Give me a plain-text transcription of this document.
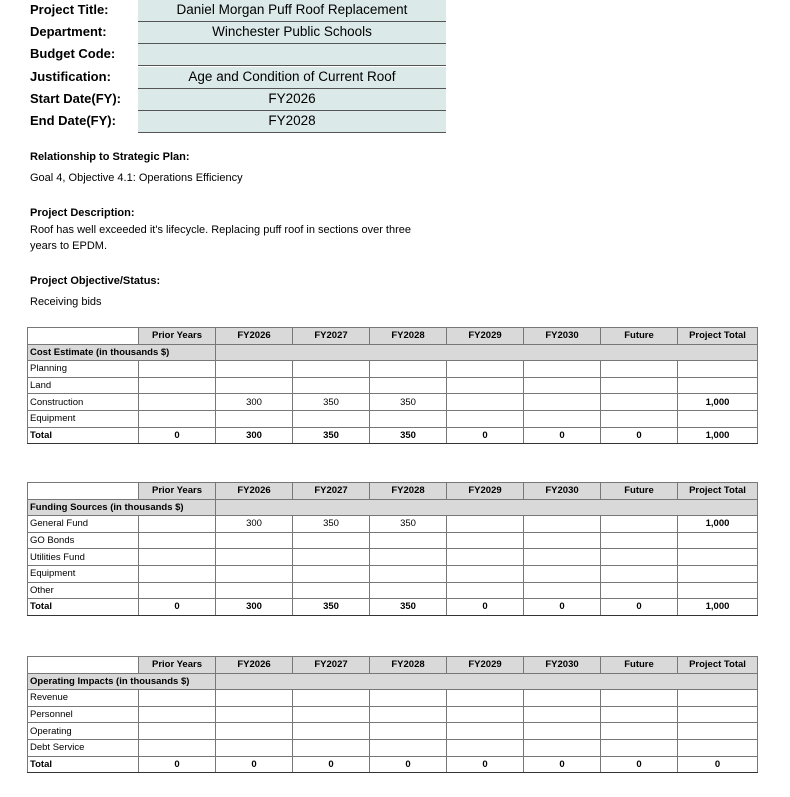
Project Title:	Daniel Morgan Puff Roof Replacement
Department:	Winchester Public Schools
Budget Code:
Justification:	Age and Condition of Current Roof
Start Date(FY):	FY2026
End Date(FY):	FY2028
Relationship to Strategic Plan:
Goal 4, Objective 4.1: Operations Efficiency
Project Description:
Roof has well exceeded it's lifecycle. Replacing puff roof in sections over three years to EPDM.
Project Objective/Status:
Receiving bids
	Prior Years	FY2026	FY2027	FY2028	FY2029	FY2030	Future	Project Total
Cost Estimate (in thousands $)								
Planning								
Land								
Construction		300	350	350				1,000
Equipment								
Total	0	300	350	350	0	0	0	1,000
	Prior Years	FY2026	FY2027	FY2028	FY2029	FY2030	Future	Project Total
Funding Sources (in thousands $)								
General Fund		300	350	350				1,000
GO Bonds								
Utilities Fund								
Equipment								
Other								
Total	0	300	350	350	0	0	0	1,000
	Prior Years	FY2026	FY2027	FY2028	FY2029	FY2030	Future	Project Total
Operating Impacts (in thousands $)								
Revenue								
Personnel								
Operating								
Debt Service								
Total	0	0	0	0	0	0	0	0
